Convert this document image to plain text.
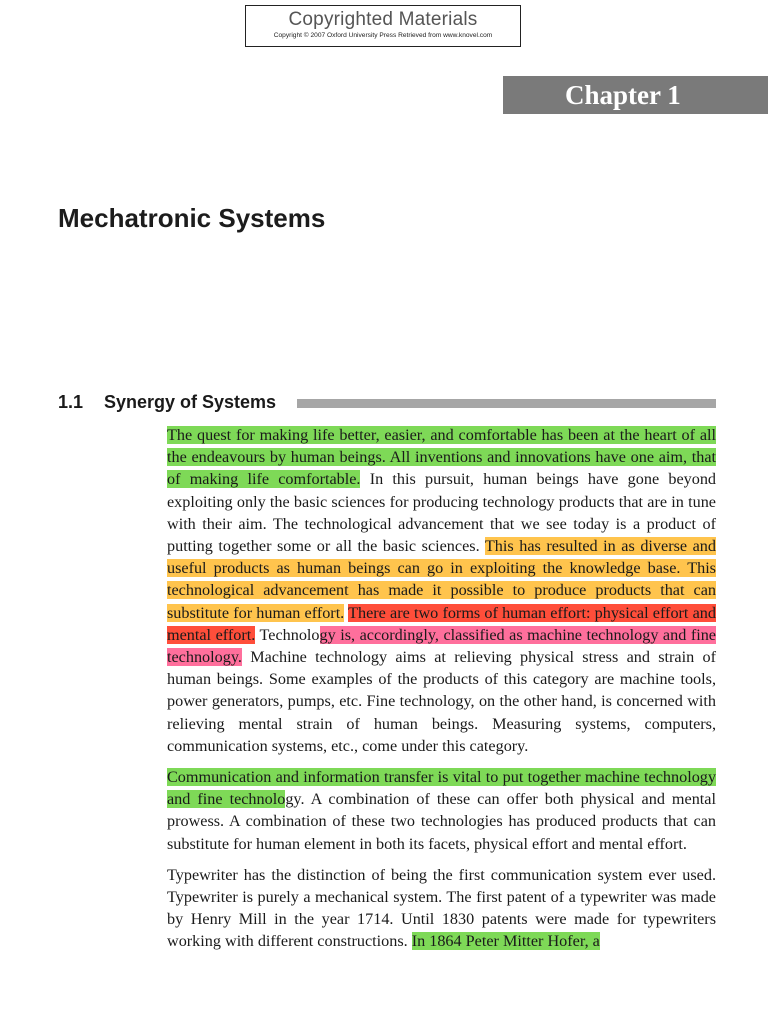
Copyrighted Materials
Copyright © 2007 Oxford University Press Retrieved from www.knovel.com
Chapter 1
Mechatronic Systems
1.1	Synergy of Systems

The quest for making life better, easier, and comfortable has been at the heart of all the endeavours by human beings. All inventions and innovations have one aim, that of making life comfortable. In this pursuit, human beings have gone beyond exploiting only the basic sciences for producing technology products that are in tune with their aim. The technological advancement that we see today is a product of putting together some or all the basic sciences. This has resulted in as diverse and useful products as human beings can go in exploiting the knowledge base. This technological advancement has made it possible to produce products that can substitute for human effort. There are two forms of human effort: physical effort and mental effort. Technology is, accordingly, classified as machine technology and fine technology. Machine technology aims at relieving physical stress and strain of human beings. Some examples of the products of this category are machine tools, power generators, pumps, etc. Fine technology, on the other hand, is concerned with relieving mental strain of human beings. Measuring systems, computers, communication systems, etc., come under this category.

Communication and information transfer is vital to put together machine technology and fine technology. A combination of these can offer both physical and mental prowess. A combination of these two technologies has produced products that can substitute for human element in both its facets, physical effort and mental effort.

Typewriter has the distinction of being the first communication system ever used. Typewriter is purely a mechanical system. The first patent of a typewriter was made by Henry Mill in the year 1714. Until 1830 patents were made for typewriters working with different constructions. In 1864 Peter Mitter Hofer, a
